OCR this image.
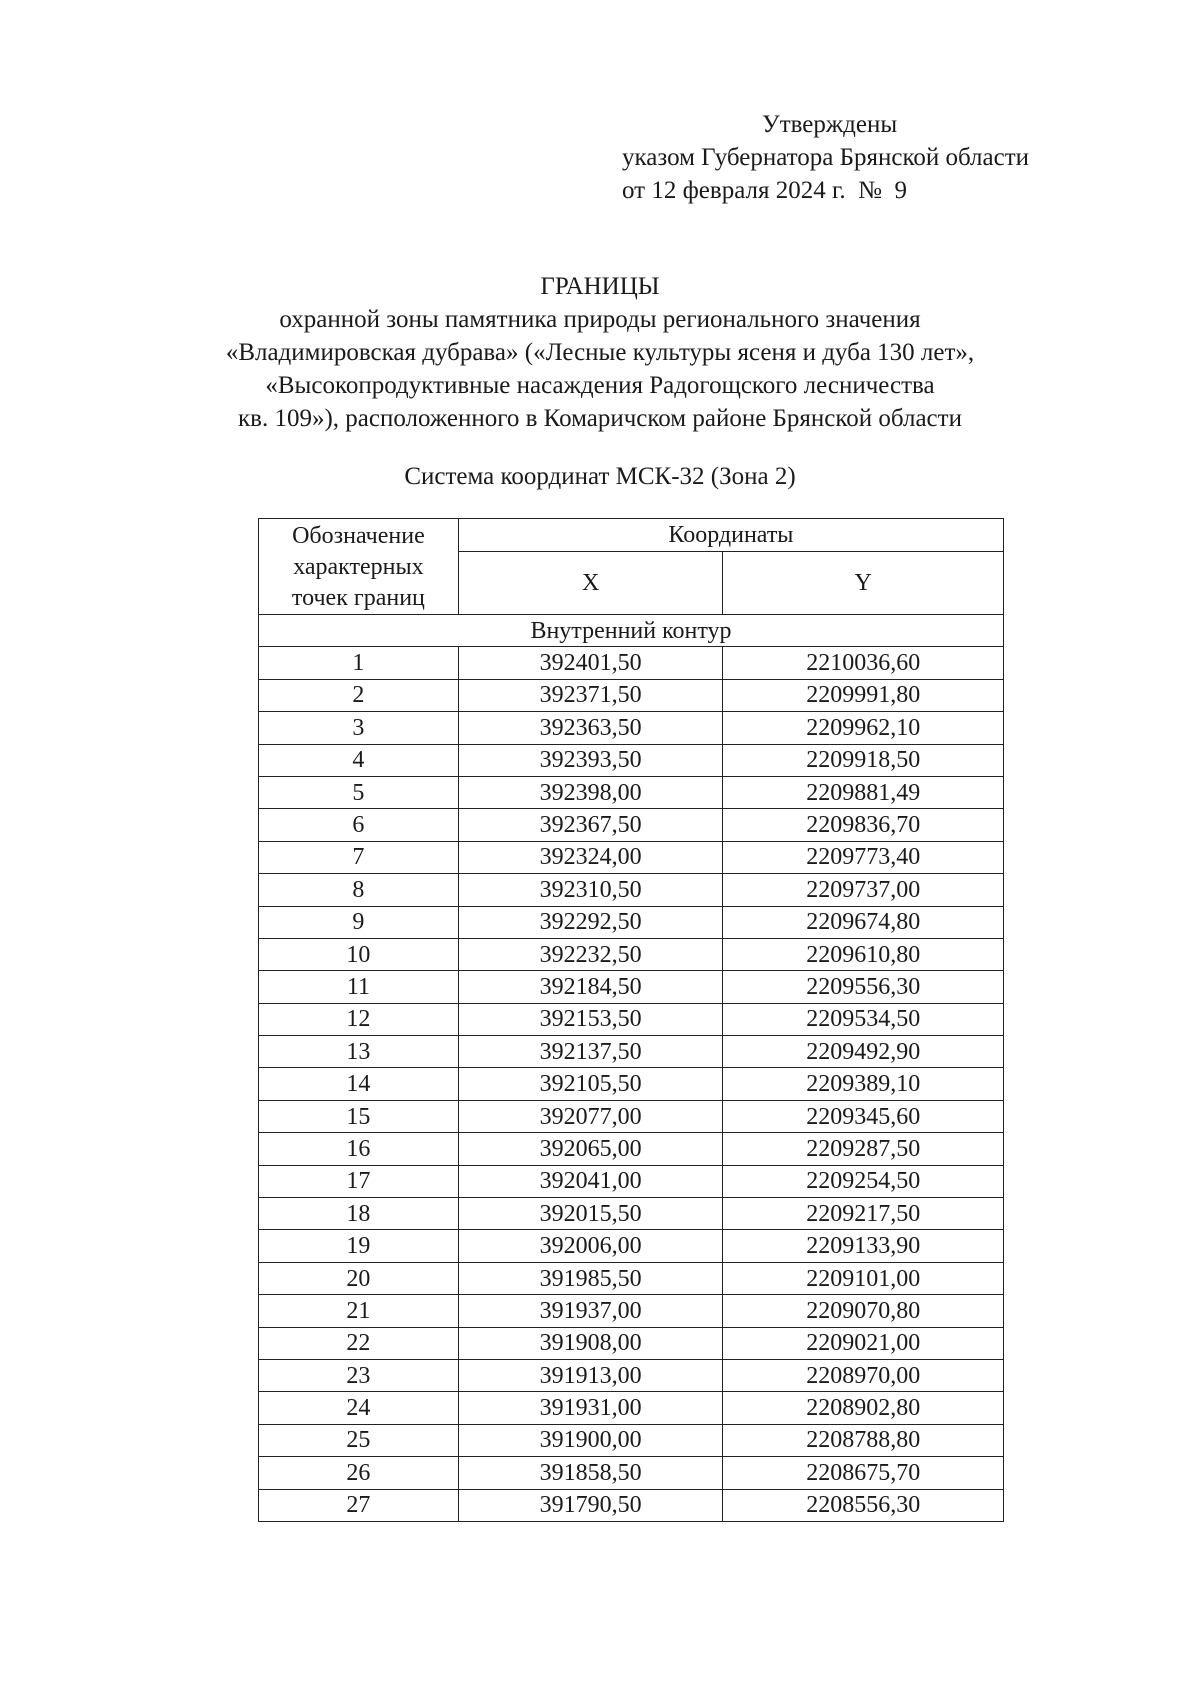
Утверждены
указом Губернатора Брянской области
от 12 февраля 2024 г.  №  9
ГРАНИЦЫ
охранной зоны памятника природы регионального значения
«Владимировская дубрава» («Лесные культуры ясеня и дуба 130 лет»,
«Высокопродуктивные насаждения Радогощского лесничества
кв. 109»), расположенного в Комаричском районе Брянской области
Система координат МСК-32 (Зона 2)
Обозначение
характерных
точек границ	Координаты	
	X	Y
Внутренний контур		
1	392401,50	2210036,60
2	392371,50	2209991,80
3	392363,50	2209962,10
4	392393,50	2209918,50
5	392398,00	2209881,49
6	392367,50	2209836,70
7	392324,00	2209773,40
8	392310,50	2209737,00
9	392292,50	2209674,80
10	392232,50	2209610,80
11	392184,50	2209556,30
12	392153,50	2209534,50
13	392137,50	2209492,90
14	392105,50	2209389,10
15	392077,00	2209345,60
16	392065,00	2209287,50
17	392041,00	2209254,50
18	392015,50	2209217,50
19	392006,00	2209133,90
20	391985,50	2209101,00
21	391937,00	2209070,80
22	391908,00	2209021,00
23	391913,00	2208970,00
24	391931,00	2208902,80
25	391900,00	2208788,80
26	391858,50	2208675,70
27	391790,50	2208556,30
